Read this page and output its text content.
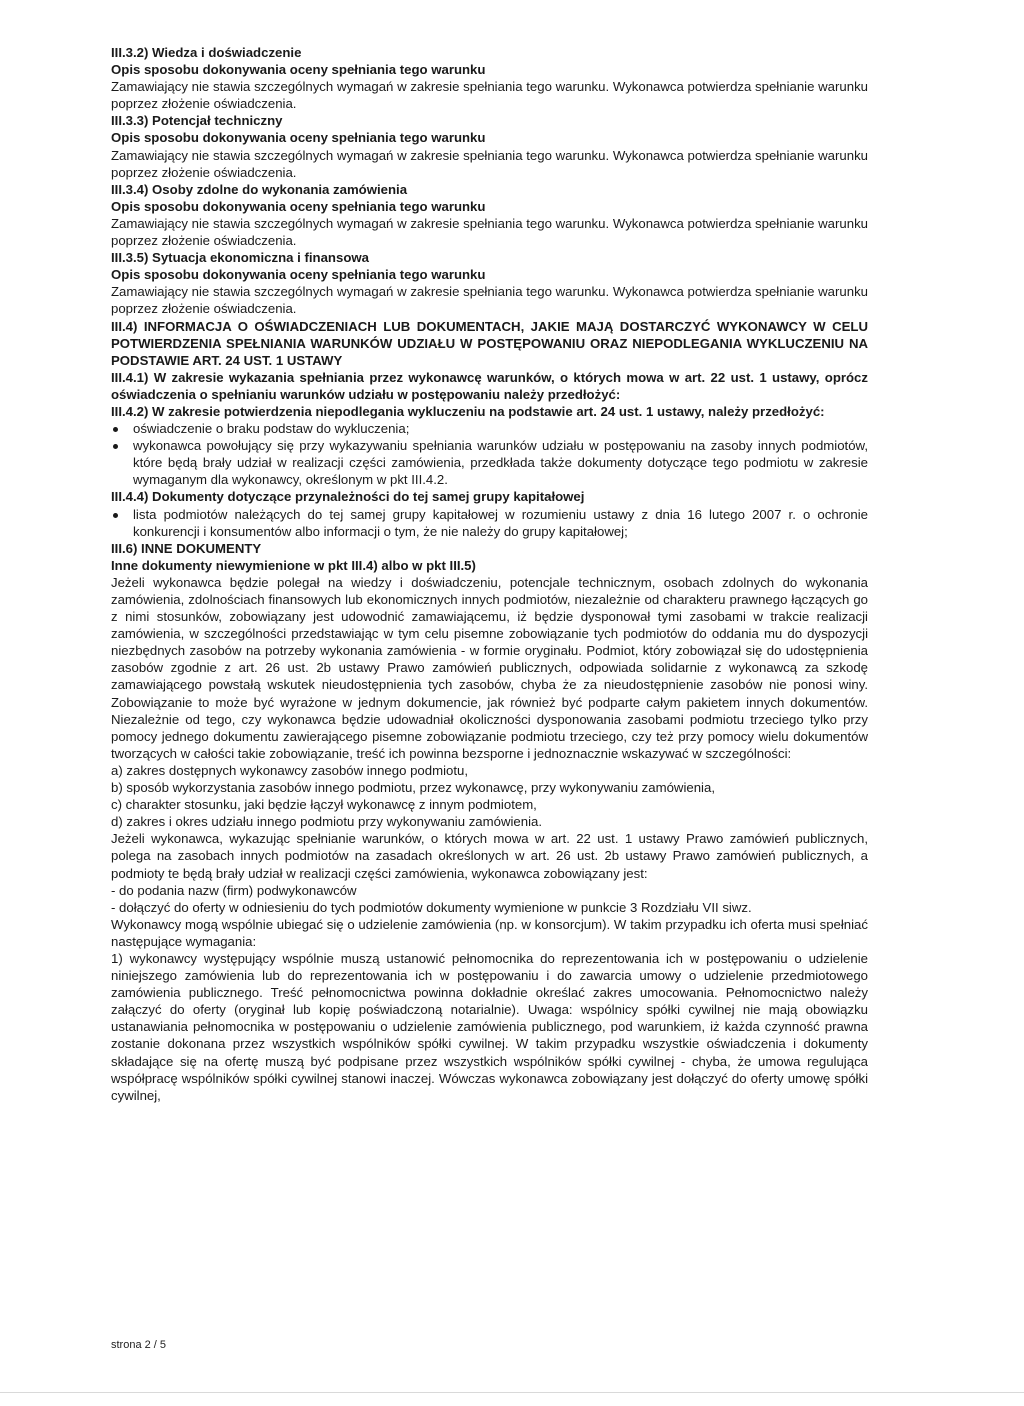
III.3.2) Wiedza i doświadczenie
Opis sposobu dokonywania oceny spełniania tego warunku
Zamawiający nie stawia szczególnych wymagań w zakresie spełniania tego warunku. Wykonawca potwierdza spełnianie warunku poprzez złożenie oświadczenia.
III.3.3) Potencjał techniczny
Opis sposobu dokonywania oceny spełniania tego warunku
Zamawiający nie stawia szczególnych wymagań w zakresie spełniania tego warunku. Wykonawca potwierdza spełnianie warunku poprzez złożenie oświadczenia.
III.3.4) Osoby zdolne do wykonania zamówienia
Opis sposobu dokonywania oceny spełniania tego warunku
Zamawiający nie stawia szczególnych wymagań w zakresie spełniania tego warunku. Wykonawca potwierdza spełnianie warunku poprzez złożenie oświadczenia.
III.3.5) Sytuacja ekonomiczna i finansowa
Opis sposobu dokonywania oceny spełniania tego warunku
Zamawiający nie stawia szczególnych wymagań w zakresie spełniania tego warunku. Wykonawca potwierdza spełnianie warunku poprzez złożenie oświadczenia.
III.4) INFORMACJA O OŚWIADCZENIACH LUB DOKUMENTACH, JAKIE MAJĄ DOSTARCZYĆ WYKONAWCY W CELU POTWIERDZENIA SPEŁNIANIA WARUNKÓW UDZIAŁU W POSTĘPOWANIU ORAZ NIEPODLEGANIA WYKLUCZENIU NA PODSTAWIE ART. 24 UST. 1 USTAWY
III.4.1) W zakresie wykazania spełniania przez wykonawcę warunków, o których mowa w art. 22 ust. 1 ustawy, oprócz oświadczenia o spełnianiu warunków udziału w postępowaniu należy przedłożyć:
III.4.2) W zakresie potwierdzenia niepodlegania wykluczeniu na podstawie art. 24 ust. 1 ustawy, należy przedłożyć:
oświadczenie o braku podstaw do wykluczenia;
wykonawca powołujący się przy wykazywaniu spełniania warunków udziału w postępowaniu na zasoby innych podmiotów, które będą brały udział w realizacji części zamówienia, przedkłada także dokumenty dotyczące tego podmiotu w zakresie wymaganym dla wykonawcy, określonym w pkt III.4.2.
III.4.4) Dokumenty dotyczące przynależności do tej samej grupy kapitałowej
lista podmiotów należących do tej samej grupy kapitałowej w rozumieniu ustawy z dnia 16 lutego 2007 r. o ochronie konkurencji i konsumentów albo informacji o tym, że nie należy do grupy kapitałowej;
III.6) INNE DOKUMENTY
Inne dokumenty niewymienione w pkt III.4) albo w pkt III.5)
Jeżeli wykonawca będzie polegał na wiedzy i doświadczeniu, potencjale technicznym, osobach zdolnych do wykonania zamówienia, zdolnościach finansowych lub ekonomicznych innych podmiotów, niezależnie od charakteru prawnego łączących go z nimi stosunków, zobowiązany jest udowodnić zamawiającemu, iż będzie dysponował tymi zasobami w trakcie realizacji zamówienia, w szczególności przedstawiając w tym celu pisemne zobowiązanie tych podmiotów do oddania mu do dyspozycji niezbędnych zasobów na potrzeby wykonania zamówienia - w formie oryginału. Podmiot, który zobowiązał się do udostępnienia zasobów zgodnie z art. 26 ust. 2b ustawy Prawo zamówień publicznych, odpowiada solidarnie z wykonawcą za szkodę zamawiającego powstałą wskutek nieudostępnienia tych zasobów, chyba że za nieudostępnienie zasobów nie ponosi winy. Zobowiązanie to może być wyrażone w jednym dokumencie, jak również być podparte całym pakietem innych dokumentów. Niezależnie od tego, czy wykonawca będzie udowadniał okoliczności dysponowania zasobami podmiotu trzeciego tylko przy pomocy jednego dokumentu zawierającego pisemne zobowiązanie podmiotu trzeciego, czy też przy pomocy wielu dokumentów tworzących w całości takie zobowiązanie, treść ich powinna bezsporne i jednoznacznie wskazywać w szczególności:
a) zakres dostępnych wykonawcy zasobów innego podmiotu,
b) sposób wykorzystania zasobów innego podmiotu, przez wykonawcę, przy wykonywaniu zamówienia,
c) charakter stosunku, jaki będzie łączył wykonawcę z innym podmiotem,
d) zakres i okres udziału innego podmiotu przy wykonywaniu zamówienia.
Jeżeli wykonawca, wykazując spełnianie warunków, o których mowa w art. 22 ust. 1 ustawy Prawo zamówień publicznych, polega na zasobach innych podmiotów na zasadach określonych w art. 26 ust. 2b ustawy Prawo zamówień publicznych, a podmioty te będą brały udział w realizacji części zamówienia, wykonawca zobowiązany jest:
- do podania nazw (firm) podwykonawców
- dołączyć do oferty w odniesieniu do tych podmiotów dokumenty wymienione w punkcie 3 Rozdziału VII siwz.
Wykonawcy mogą wspólnie ubiegać się o udzielenie zamówienia (np. w konsorcjum). W takim przypadku ich oferta musi spełniać następujące wymagania:
1) wykonawcy występujący wspólnie muszą ustanowić pełnomocnika do reprezentowania ich w postępowaniu o udzielenie niniejszego zamówienia lub do reprezentowania ich w postępowaniu i do zawarcia umowy o udzielenie przedmiotowego zamówienia publicznego. Treść pełnomocnictwa powinna dokładnie określać zakres umocowania. Pełnomocnictwo należy załączyć do oferty (oryginał lub kopię poświadczoną notarialnie). Uwaga: wspólnicy spółki cywilnej nie mają obowiązku ustanawiania pełnomocnika w postępowaniu o udzielenie zamówienia publicznego, pod warunkiem, iż każda czynność prawna zostanie dokonana przez wszystkich wspólników spółki cywilnej. W takim przypadku wszystkie oświadczenia i dokumenty składające się na ofertę muszą być podpisane przez wszystkich wspólników spółki cywilnej - chyba, że umowa regulująca współpracę wspólników spółki cywilnej stanowi inaczej. Wówczas wykonawca zobowiązany jest dołączyć do oferty umowę spółki cywilnej,
strona 2 / 5
